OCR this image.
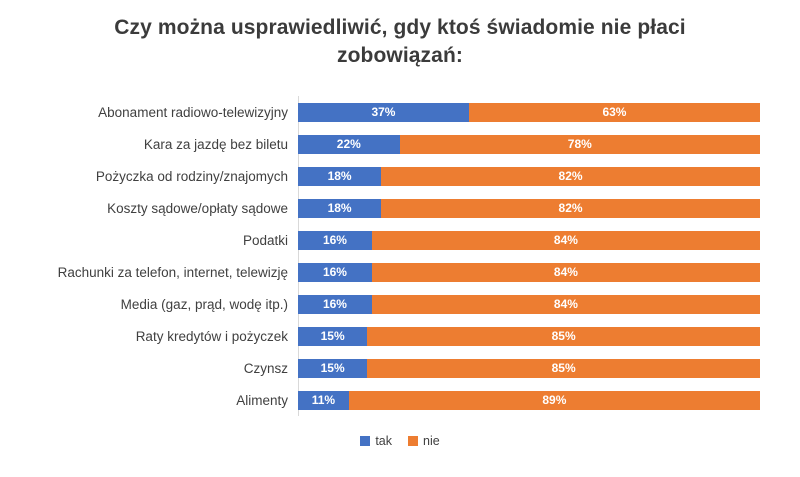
Czy można usprawiedliwić, gdy ktoś świadomie nie płaci zobowiązań:
Abonament radiowo-telewizyjny	37%	63%
Kara za jazdę bez biletu	22%	78%
Pożyczka od rodziny/znajomych	18%	82%
Koszty sądowe/opłaty sądowe	18%	82%
Podatki	16%	84%
Rachunki za telefon, internet, telewizję	16%	84%
Media (gaz, prąd, wodę itp.)	16%	84%
Raty kredytów i pożyczek	15%	85%
Czynsz	15%	85%
Alimenty	11%	89%
tak nie
